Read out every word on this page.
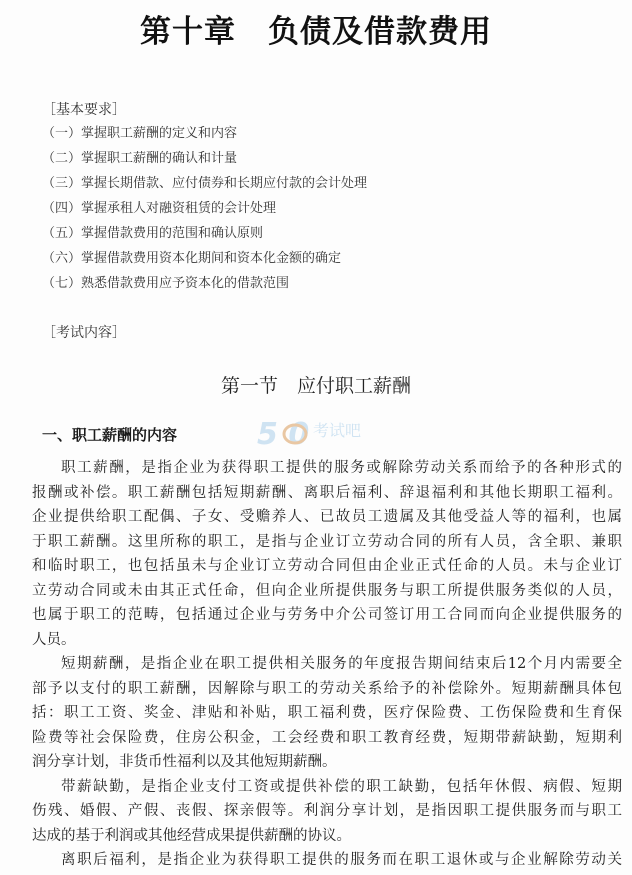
第十章　负债及借款费用
［基本要求］
（一）掌握职工薪酬的定义和内容
（二）掌握职工薪酬的确认和计量
（三）掌握长期借款、应付债券和长期应付款的会计处理
（四）掌握承租人对融资租赁的会计处理
（五）掌握借款费用的范围和确认原则
（六）掌握借款费用资本化期间和资本化金额的确定
（七）熟悉借款费用应予资本化的借款范围
［考试内容］
第一节　应付职工薪酬
一、职工薪酬的内容	5 0 考试吧
职工薪酬，是指企业为获得职工提供的服务或解除劳动关系而给予的各种形式的
报酬或补偿。职工薪酬包括短期薪酬、离职后福利、辞退福利和其他长期职工福利。
企业提供给职工配偶、子女、受赡养人、已故员工遗属及其他受益人等的福利，也属
于职工薪酬。这里所称的职工，是指与企业订立劳动合同的所有人员，含全职、兼职
和临时职工，也包括虽未与企业订立劳动合同但由企业正式任命的人员。未与企业订
立劳动合同或未由其正式任命，但向企业所提供服务与职工所提供服务类似的人员，
也属于职工的范畴，包括通过企业与劳务中介公司签订用工合同而向企业提供服务的
人员。
短期薪酬，是指企业在职工提供相关服务的年度报告期间结束后12个月内需要全
部予以支付的职工薪酬，因解除与职工的劳动关系给予的补偿除外。短期薪酬具体包
括：职工工资、奖金、津贴和补贴，职工福利费，医疗保险费、工伤保险费和生育保
险费等社会保险费，住房公积金，工会经费和职工教育经费，短期带薪缺勤，短期利
润分享计划，非货币性福利以及其他短期薪酬。
带薪缺勤，是指企业支付工资或提供补偿的职工缺勤，包括年休假、病假、短期
伤残、婚假、产假、丧假、探亲假等。利润分享计划，是指因职工提供服务而与职工
达成的基于利润或其他经营成果提供薪酬的协议。
离职后福利，是指企业为获得职工提供的服务而在职工退休或与企业解除劳动关
